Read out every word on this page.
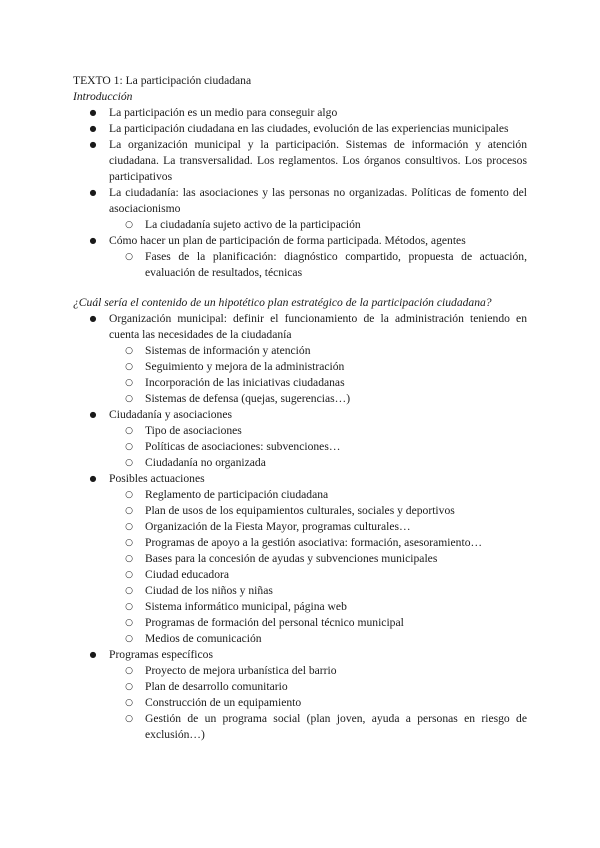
TEXTO 1: La participación ciudadana

Introducción

● La participación es un medio para conseguir algo
● La participación ciudadana en las ciudades, evolución de las experiencias municipales
● La organización municipal y la participación. Sistemas de información y atención ciudadana. La transversalidad. Los reglamentos. Los órganos consultivos. Los procesos participativos
● La ciudadanía: las asociaciones y las personas no organizadas. Políticas de fomento del asociacionismo
○ La ciudadanía sujeto activo de la participación
● Cómo hacer un plan de participación de forma participada. Métodos, agentes
○ Fases de la planificación: diagnóstico compartido, propuesta de actuación, evaluación de resultados, técnicas

¿Cuál sería el contenido de un hipotético plan estratégico de la participación ciudadana?

● Organización municipal: definir el funcionamiento de la administración teniendo en cuenta las necesidades de la ciudadanía
○ Sistemas de información y atención
○ Seguimiento y mejora de la administración
○ Incorporación de las iniciativas ciudadanas
○ Sistemas de defensa (quejas, sugerencias…)
● Ciudadanía y asociaciones
○ Tipo de asociaciones
○ Políticas de asociaciones: subvenciones…
○ Ciudadanía no organizada
● Posibles actuaciones
○ Reglamento de participación ciudadana
○ Plan de usos de los equipamientos culturales, sociales y deportivos
○ Organización de la Fiesta Mayor, programas culturales…
○ Programas de apoyo a la gestión asociativa: formación, asesoramiento…
○ Bases para la concesión de ayudas y subvenciones municipales
○ Ciudad educadora
○ Ciudad de los niños y niñas
○ Sistema informático municipal, página web
○ Programas de formación del personal técnico municipal
○ Medios de comunicación
● Programas específicos
○ Proyecto de mejora urbanística del barrio
○ Plan de desarrollo comunitario
○ Construcción de un equipamiento
○ Gestión de un programa social (plan joven, ayuda a personas en riesgo de exclusión…)
